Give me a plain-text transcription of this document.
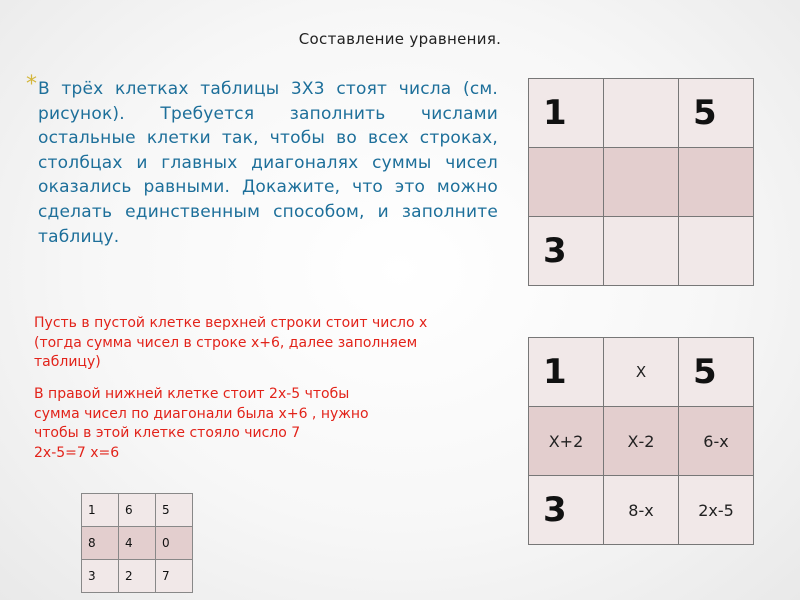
Составление уравнения.
* В трёх клетках таблицы 3Х3 стоят числа (см. рисунок). Требуется заполнить числами остальные клетки так, чтобы во всех строках, столбцах и главных диагоналях суммы чисел оказались равными. Докажите, что это можно сделать единственным способом, и заполните таблицу.
Пусть в пустой клетке верхней строки стоит число х (тогда сумма чисел в строке х+6, далее заполняем таблицу)
В правой нижней клетке стоит 2х-5 чтобы
сумма чисел по диагонали была х+6 , нужно
чтобы в этой клетке стояло число 7
2х-5=7 х=6
1		5

3		
1	Х	5
Х+2	Х-2	6-х
3	8-х	2х-5
1	6	5
8	4	0
3	2	7
